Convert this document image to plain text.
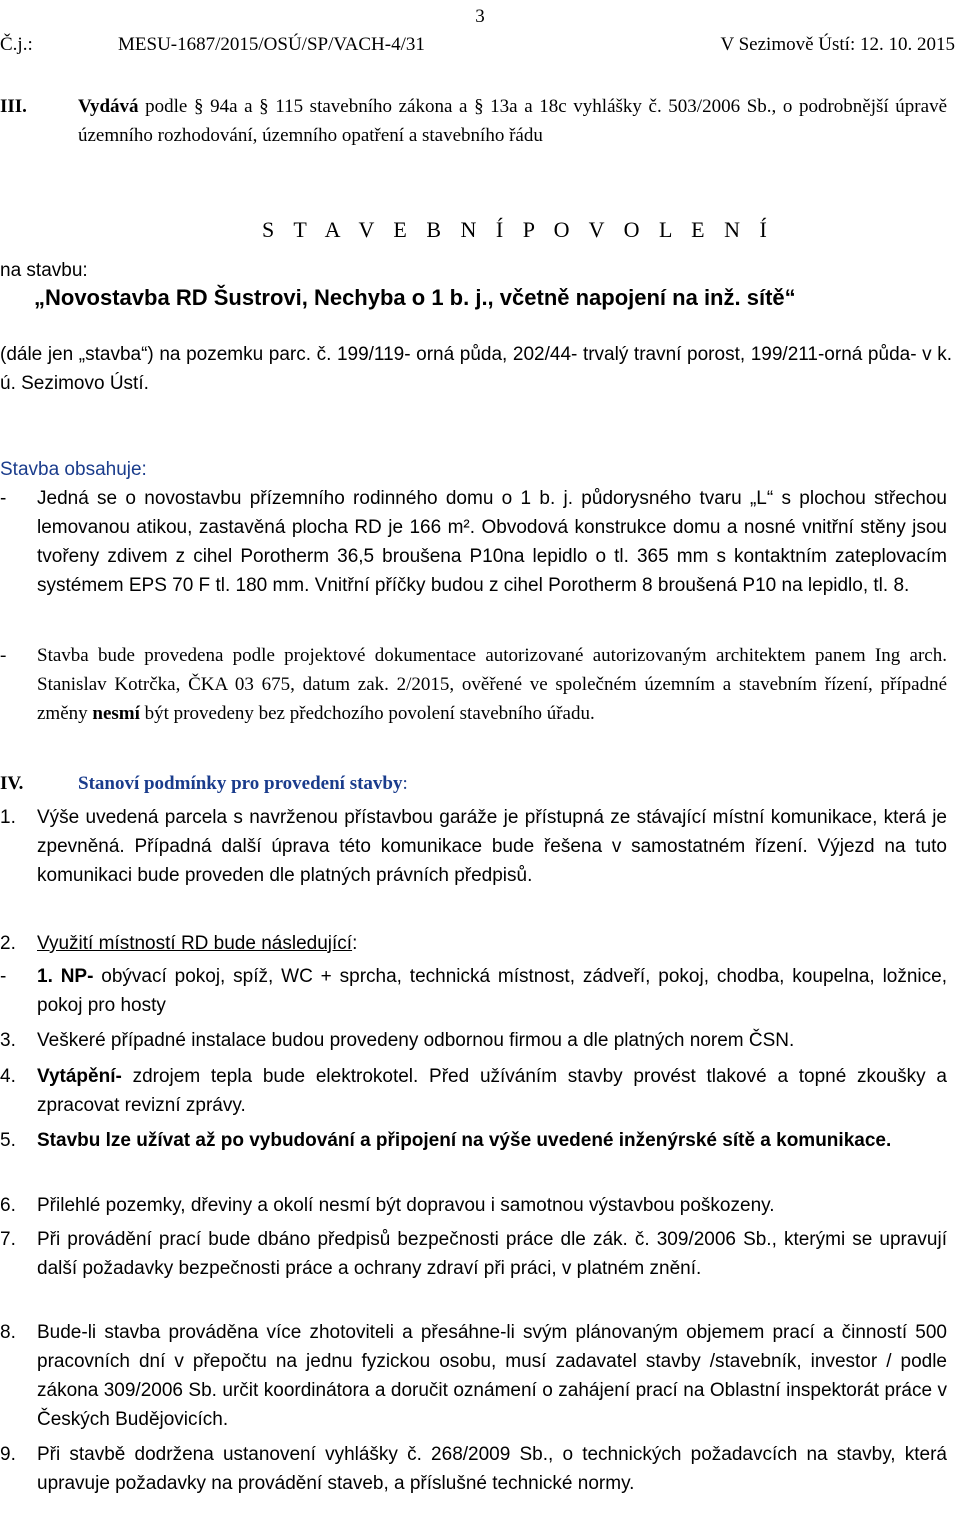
3
Č.j.:	MESU-1687/2015/OSÚ/SP/VACH-4/31	V Sezimově Ústí: 12. 10. 2015
III.	Vydává podle § 94a a § 115 stavebního zákona a § 13a a 18c vyhlášky č. 503/2006 Sb., o podrobnější úpravě územního rozhodování, územního opatření a stavebního řádu
S T A V E B N Í P O V O L E N Í
na stavbu:
„Novostavba RD Šustrovi, Nechyba o 1 b. j., včetně napojení na inž. sítě“
(dále jen „stavba“) na pozemku parc. č. 199/119- orná půda, 202/44- trvalý travní porost, 199/211-orná půda- v k. ú. Sezimovo Ústí.
Stavba obsahuje:
- Jedná se o novostavbu přízemního rodinného domu o 1 b. j. půdorysného tvaru „L“ s plochou střechou lemovanou atikou, zastavěná plocha RD je 166 m². Obvodová konstrukce domu a nosné vnitřní stěny jsou tvořeny zdivem z cihel Porotherm 36,5 broušena P10na lepidlo o tl. 365 mm s kontaktním zateplovacím systémem EPS 70 F tl. 180 mm. Vnitřní příčky budou z cihel Porotherm 8 broušená P10 na lepidlo, tl. 8.
- Stavba bude provedena podle projektové dokumentace autorizované autorizovaným architektem panem Ing arch. Stanislav Kotrčka, ČKA 03 675, datum zak. 2/2015, ověřené ve společném územním a stavebním řízení, případné změny nesmí být provedeny bez předchozího povolení stavebního úřadu.
IV.	Stanoví podmínky pro provedení stavby:
1. Výše uvedená parcela s navrženou přístavbou garáže je přístupná ze stávající místní komunikace, která je zpevněná. Případná další úprava této komunikace bude řešena v samostatném řízení. Výjezd na tuto komunikaci bude proveden dle platných právních předpisů.
2. Využití místností RD bude následující:
- 1. NP- obývací pokoj, spíž, WC + sprcha, technická místnost, zádveří, pokoj, chodba, koupelna, ložnice, pokoj pro hosty
3. Veškeré případné instalace budou provedeny odbornou firmou a dle platných norem ČSN.
4. Vytápění- zdrojem tepla bude elektrokotel. Před užíváním stavby provést tlakové a topné zkoušky a zpracovat revizní zprávy.
5. Stavbu lze užívat až po vybudování a připojení na výše uvedené inženýrské sítě a komunikace.
6. Přilehlé pozemky, dřeviny a okolí nesmí být dopravou i samotnou výstavbou poškozeny.
7. Při provádění prací bude dbáno předpisů bezpečnosti práce dle zák. č. 309/2006 Sb., kterými se upravují další požadavky bezpečnosti práce a ochrany zdraví při práci, v platném znění.
8. Bude-li stavba prováděna více zhotoviteli a přesáhne-li svým plánovaným objemem prací a činností 500 pracovních dní v přepočtu na jednu fyzickou osobu, musí zadavatel stavby /stavebník, investor / podle zákona 309/2006 Sb. určit koordinátora a doručit oznámení o zahájení prací na Oblastní inspektorát práce v Českých Budějovicích.
9. Při stavbě dodržena ustanovení vyhlášky č. 268/2009 Sb., o technických požadavcích na stavby, která upravuje požadavky na provádění staveb, a příslušné technické normy.
